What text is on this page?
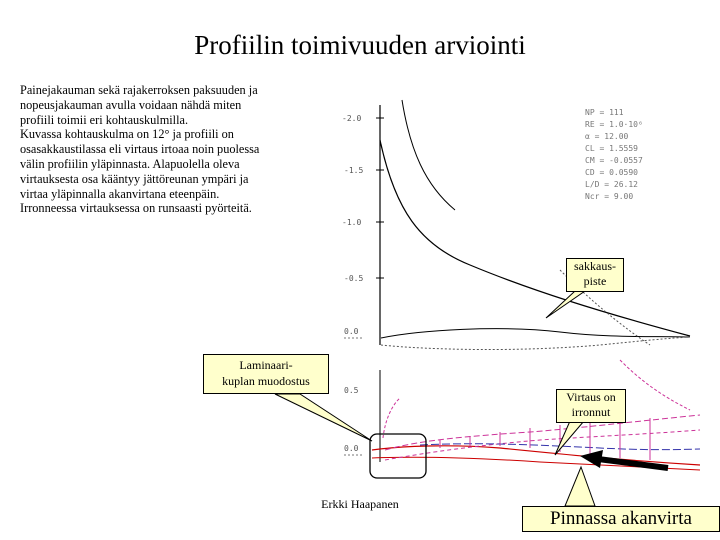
Profiilin toimivuuden arviointi
Painejakauman sekä rajakerroksen paksuuden ja
nopeusjakauman avulla voidaan nähdä miten
profiili toimii eri kohtauskulmilla.
Kuvassa kohtauskulma on 12° ja profiili on
osasakkaustilassa eli virtaus irtoaa noin puolessa
välin profiilin yläpinnasta. Alapuolella oleva
virtauksesta osa kääntyy jättöreunan ympäri ja
virtaa yläpinnalla akanvirtana eteenpäin.
Irronneessa virtauksessa on runsaasti pyörteitä.
-2.0
-1.5
-1.0
-0.5
0.0
NP = 111
RE = 1.0·10⁶
α = 12.00
CL = 1.5559
CM = -0.0557
CD = 0.0590
L/D = 26.12
Ncr = 9.00
0.5
0.0
sakkaus-
piste
Laminaari-
kuplan muodostus
Virtaus on
irronnut
Pinnassa akanvirta
Erkki Haapanen
